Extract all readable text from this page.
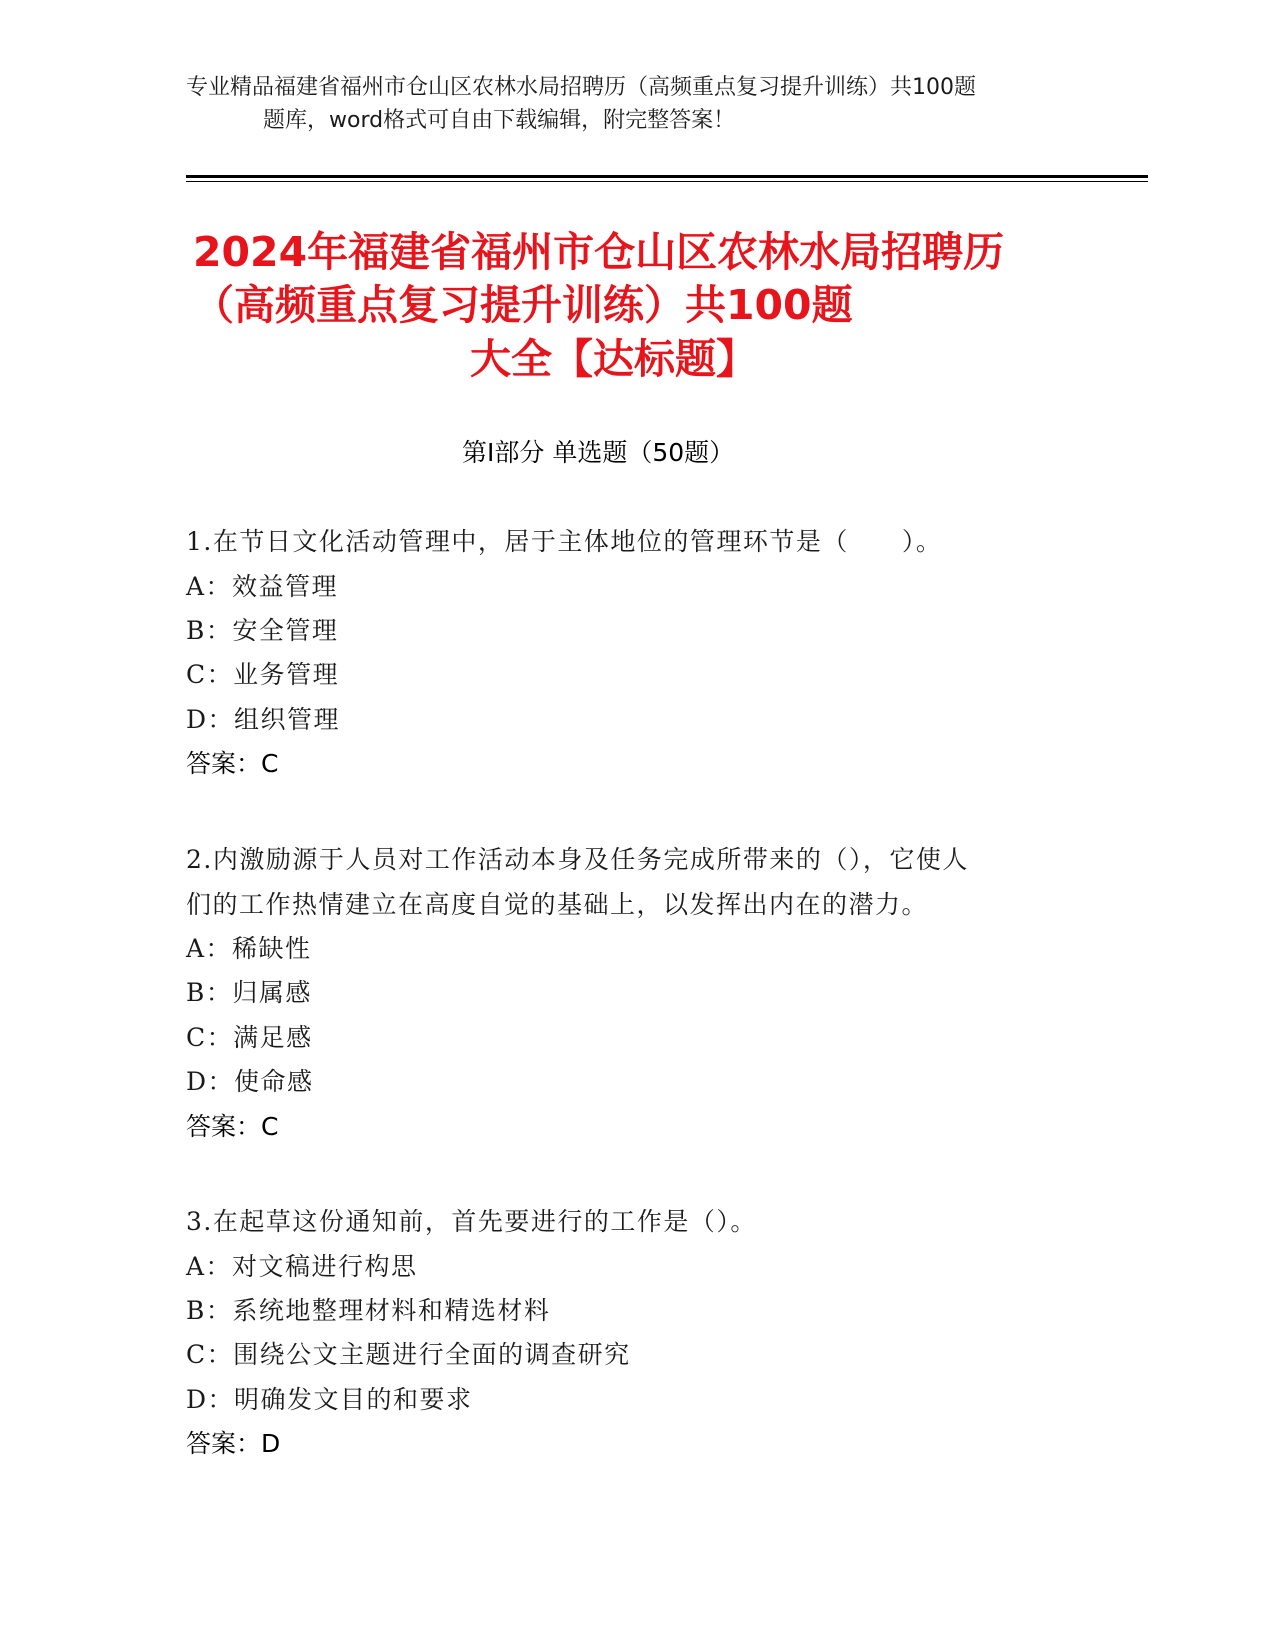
专业精品福建省福州市仓山区农林水局招聘历（高频重点复习提升训练）共100题
题库，word格式可自由下载编辑，附完整答案！
2024年福建省福州市仓山区农林水局招聘历
（高频重点复习提升训练）共100题
大全【达标题】
第Ⅰ部分 单选题（50题）
1.在节日文化活动管理中，居于主体地位的管理环节是（　　）。
A：效益管理
B：安全管理
C：业务管理
D：组织管理
答案：C
2.内激励源于人员对工作活动本身及任务完成所带来的（），它使人
们的工作热情建立在高度自觉的基础上，以发挥出内在的潜力。
A：稀缺性
B：归属感
C：满足感
D：使命感
答案：C
3.在起草这份通知前，首先要进行的工作是（）。
A：对文稿进行构思
B：系统地整理材料和精选材料
C：围绕公文主题进行全面的调查研究
D：明确发文目的和要求
答案：D
